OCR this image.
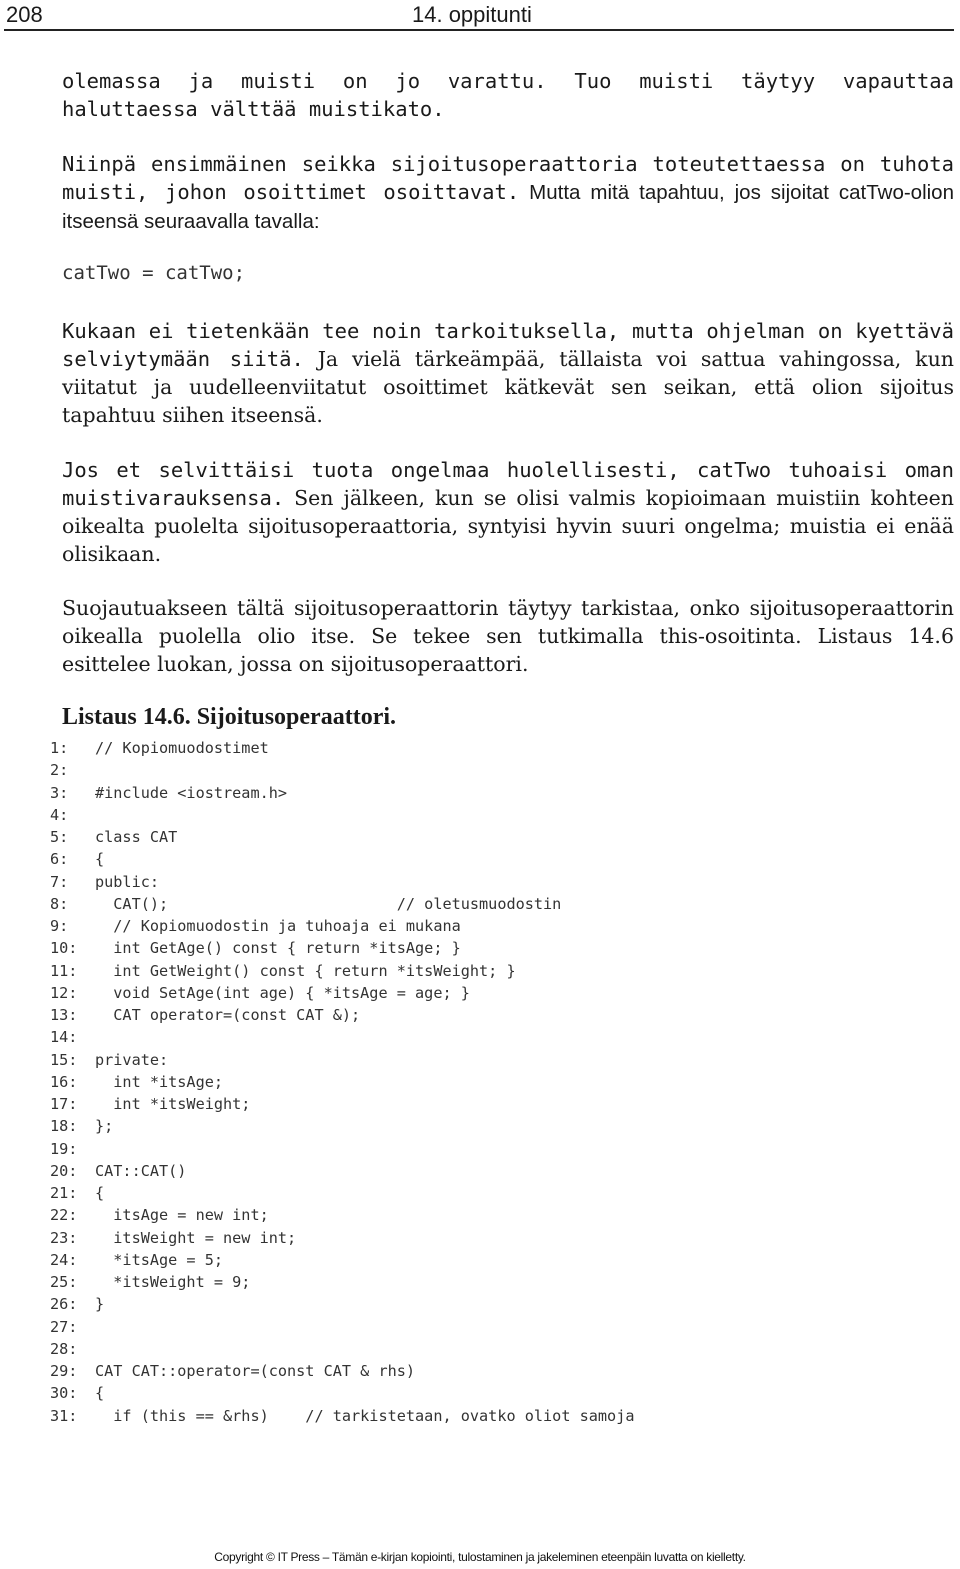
208	14. oppitunti

olemassa ja muisti on jo varattu. Tuo muisti täytyy vapauttaa haluttaessa välttää muistikato.

Niinpä ensimmäinen seikka sijoitusoperaattoria toteutettaessa on tuhota muisti, johon osoittimet osoittavat. Mutta mitä tapahtuu, jos sijoitat catTwo-olion itseensä seuraavalla tavalla:

catTwo = catTwo;

Kukaan ei tietenkään tee noin tarkoituksella, mutta ohjelman on kyettävä selviytymään siitä. Ja vielä tärkeämpää, tällaista voi sattua vahingossa, kun viitatut ja uudelleenviitatut osoittimet kätkevät sen seikan, että olion sijoitus tapahtuu siihen itseensä.

Jos et selvittäisi tuota ongelmaa huolellisesti, catTwo tuhoaisi oman muistivarauksensa. Sen jälkeen, kun se olisi valmis kopioimaan muistiin kohteen oikealta puolelta sijoitusoperaattoria, syntyisi hyvin suuri ongelma; muistia ei enää olisikaan.

Suojautuakseen tältä sijoitusoperaattorin täytyy tarkistaa, onko sijoitusoperaattorin oikealla puolella olio itse. Se tekee sen tutkimalla this-osoitinta. Listaus 14.6 esittelee luokan, jossa on sijoitusoperaattori.

Listaus 14.6. Sijoitusoperaattori.
1: // Kopiomuodostimet
2:
3: #include <iostream.h>
4:
5: class CAT
6: {
7: public:
8:  CAT();                         // oletusmuodostin
9:  // Kopiomuodostin ja tuhoaja ei mukana
10:  int GetAge() const { return *itsAge; }
11:  int GetWeight() const { return *itsWeight; }
12:  void SetAge(int age) { *itsAge = age; }
13:  CAT operator=(const CAT &);
14:
15: private:
16:  int *itsAge;
17:  int *itsWeight;
18: };
19:
20: CAT::CAT()
21: {
22:  itsAge = new int;
23:  itsWeight = new int;
24:  *itsAge = 5;
25:  *itsWeight = 9;
26: }
27:
28:
29: CAT CAT::operator=(const CAT & rhs)
30: {
31:  if (this == &rhs)    // tarkistetaan, ovatko oliot samoja
Copyright © IT Press – Tämän e-kirjan kopiointi, tulostaminen ja jakeleminen eteenpäin luvatta on kielletty.
